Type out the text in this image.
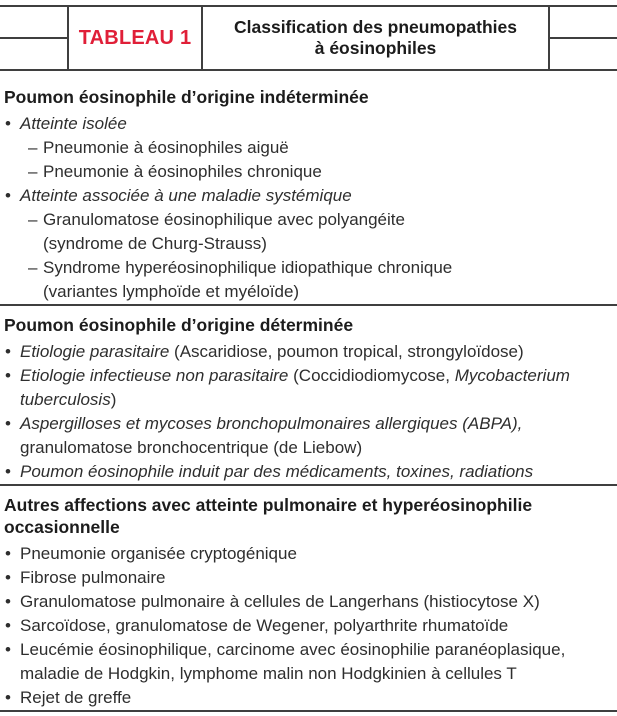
TABLEAU 1 Classification des pneumopathies
à éosinophiles
Poumon éosinophile d’origine indéterminée
• Atteinte isolée
– Pneumonie à éosinophiles aiguë
– Pneumonie à éosinophiles chronique
• Atteinte associée à une maladie systémique
– Granulomatose éosinophilique avec polyangéite
(syndrome de Churg-Strauss)
– Syndrome hyperéosinophilique idiopathique chronique
(variantes lymphoïde et myéloïde)
Poumon éosinophile d’origine déterminée
• Etiologie parasitaire (Ascaridiose, poumon tropical, strongyloïdose)
• Etiologie infectieuse non parasitaire (Coccidiodiomycose, Mycobacterium
tuberculosis)
• Aspergilloses et mycoses bronchopulmonaires allergiques (ABPA),
granulomatose bronchocentrique (de Liebow)
• Poumon éosinophile induit par des médicaments, toxines, radiations
Autres affections avec atteinte pulmonaire et hyperéosinophilie
occasionnelle
• Pneumonie organisée cryptogénique
• Fibrose pulmonaire
• Granulomatose pulmonaire à cellules de Langerhans (histiocytose X)
• Sarcoïdose, granulomatose de Wegener, polyarthrite rhumatoïde
• Leucémie éosinophilique, carcinome avec éosinophilie paranéoplasique,
maladie de Hodgkin, lymphome malin non Hodgkinien à cellules T
• Rejet de greffe
